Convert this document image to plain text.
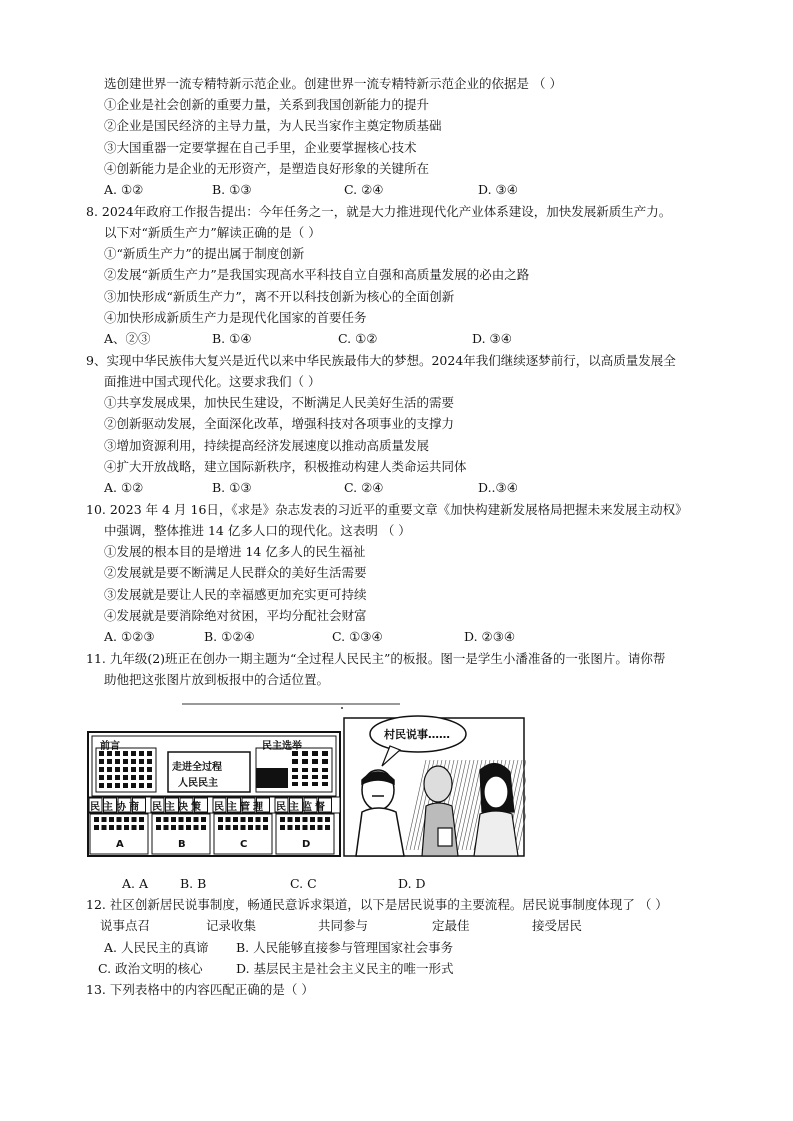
选创建世界一流专精特新示范企业。创建世界一流专精特新示范企业的依据是 （ ）
①企业是社会创新的重要力量，关系到我国创新能力的提升
②企业是国民经济的主导力量，为人民当家作主奠定物质基础
③大国重器一定要掌握在自己手里，企业要掌握核心技术
④创新能力是企业的无形资产，是塑造良好形象的关键所在
A. ①②	B. ①③	C. ②④	D. ③④
8. 2024年政府工作报告提出：今年任务之一，就是大力推进现代化产业体系建设，加快发展新质生产力。
以下对“新质生产力”解读正确的是（ ）
①“新质生产力”的提出属于制度创新
②发展“新质生产力”是我国实现高水平科技自立自强和高质量发展的必由之路
③加快形成“新质生产力”，离不开以科技创新为核心的全面创新
④加快形成新质生产力是现代化国家的首要任务
A、②③	B. ①④	C. ①②	D. ③④
9、实现中华民族伟大复兴是近代以来中华民族最伟大的梦想。2024年我们继续逐梦前行，以高质量发展全
面推进中国式现代化。这要求我们（ ）
①共享发展成果，加快民生建设，不断满足人民美好生活的需要
②创新驱动发展，全面深化改革，增强科技对各项事业的支撑力
③增加资源利用，持续提高经济发展速度以推动高质量发展
④扩大开放战略，建立国际新秩序，积极推动构建人类命运共同体
A. ①②	B. ①③	C. ②④	D..③④
10. 2023 年 4 月 16日，《求是》杂志发表的习近平的重要文章《加快构建新发展格局把握未来发展主动权》
中强调，整体推进 14 亿多人口的现代化。这表明 （ ）
①发展的根本目的是增进 14 亿多人的民生福祉
②发展就是要不断满足人民群众的美好生活需要
③发展就是要让人民的幸福感更加充实更可持续
④发展就是要消除绝对贫困，平均分配社会财富
A. ①②③	B. ①②④	C. ①③④	D. ②③④
11. 九年级(2)班正在创办一期主题为“全过程人民民主”的板报。图一是学生小潘准备的一张图片。请你帮
助他把这张图片放到板报中的合适位置。
前言	民主选举
走进全过程
人民民主
民主协商 民主决策 民主管理 民主监督
A	B	C	D
村民说事……
A. A	B. B	C. C	D. D
12. 社区创新居民说事制度，畅通民意诉求渠道，以下是居民说事的主要流程。居民说事制度体现了 （ ）
说事点召	记录收集	共同参与	定最佳	接受居民
A. 人民民主的真谛 B. 人民能够直接参与管理国家社会事务
C. 政治文明的核心	D. 基层民主是社会主义民主的唯一形式
13. 下列表格中的内容匹配正确的是（ ）
